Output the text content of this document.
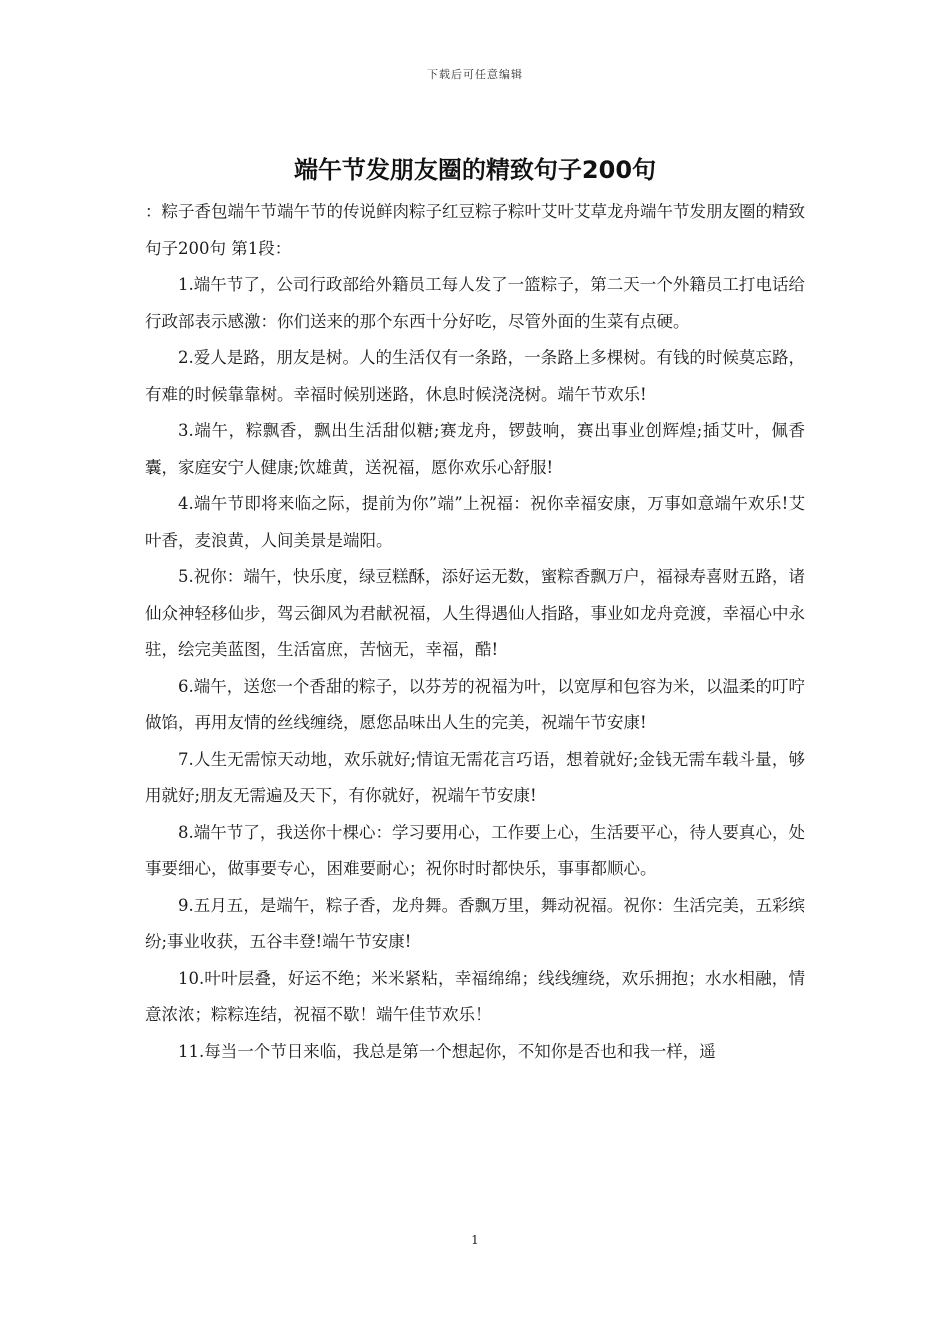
下载后可任意编辑
端午节发朋友圈的精致句子200句

：粽子香包端午节端午节的传说鲜肉粽子红豆粽子粽叶艾叶艾草龙舟端午节发朋友圈的精致句子200句 第1段：

1.端午节了，公司行政部给外籍员工每人发了一篮粽子，第二天一个外籍员工打电话给行政部表示感激：你们送来的那个东西十分好吃，尽管外面的生菜有点硬。

2.爱人是路，朋友是树。人的生活仅有一条路，一条路上多棵树。有钱的时候莫忘路，有难的时候靠靠树。幸福时候别迷路，休息时候浇浇树。端午节欢乐!

3.端午，粽飘香，飘出生活甜似糖;赛龙舟，锣鼓响，赛出事业创辉煌;插艾叶，佩香囊，家庭安宁人健康;饮雄黄，送祝福，愿你欢乐心舒服!

4.端午节即将来临之际，提前为你”端”上祝福：祝你幸福安康，万事如意端午欢乐!艾叶香，麦浪黄，人间美景是端阳。

5.祝你：端午，快乐度，绿豆糕酥，添好运无数，蜜粽香飘万户，福禄寿喜财五路，诸仙众神轻移仙步，驾云御风为君献祝福，人生得遇仙人指路，事业如龙舟竞渡，幸福心中永驻，绘完美蓝图，生活富庶，苦恼无，幸福，酷!

6.端午，送您一个香甜的粽子，以芬芳的祝福为叶，以宽厚和包容为米，以温柔的叮咛做馅，再用友情的丝线缠绕，愿您品味出人生的完美，祝端午节安康!

7.人生无需惊天动地，欢乐就好;情谊无需花言巧语，想着就好;金钱无需车载斗量，够用就好;朋友无需遍及天下，有你就好，祝端午节安康!

8.端午节了，我送你十棵心：学习要用心，工作要上心，生活要平心，待人要真心，处事要细心，做事要专心，困难要耐心；祝你时时都快乐，事事都顺心。

9.五月五，是端午，粽子香，龙舟舞。香飘万里，舞动祝福。祝你：生活完美，五彩缤纷;事业收获，五谷丰登!端午节安康!

10.叶叶层叠，好运不绝；米米紧粘，幸福绵绵；线线缠绕，欢乐拥抱；水水相融，情意浓浓；粽粽连结，祝福不歇！端午佳节欢乐！

11.每当一个节日来临，我总是第一个想起你，不知你是否也和我一样，遥

1
